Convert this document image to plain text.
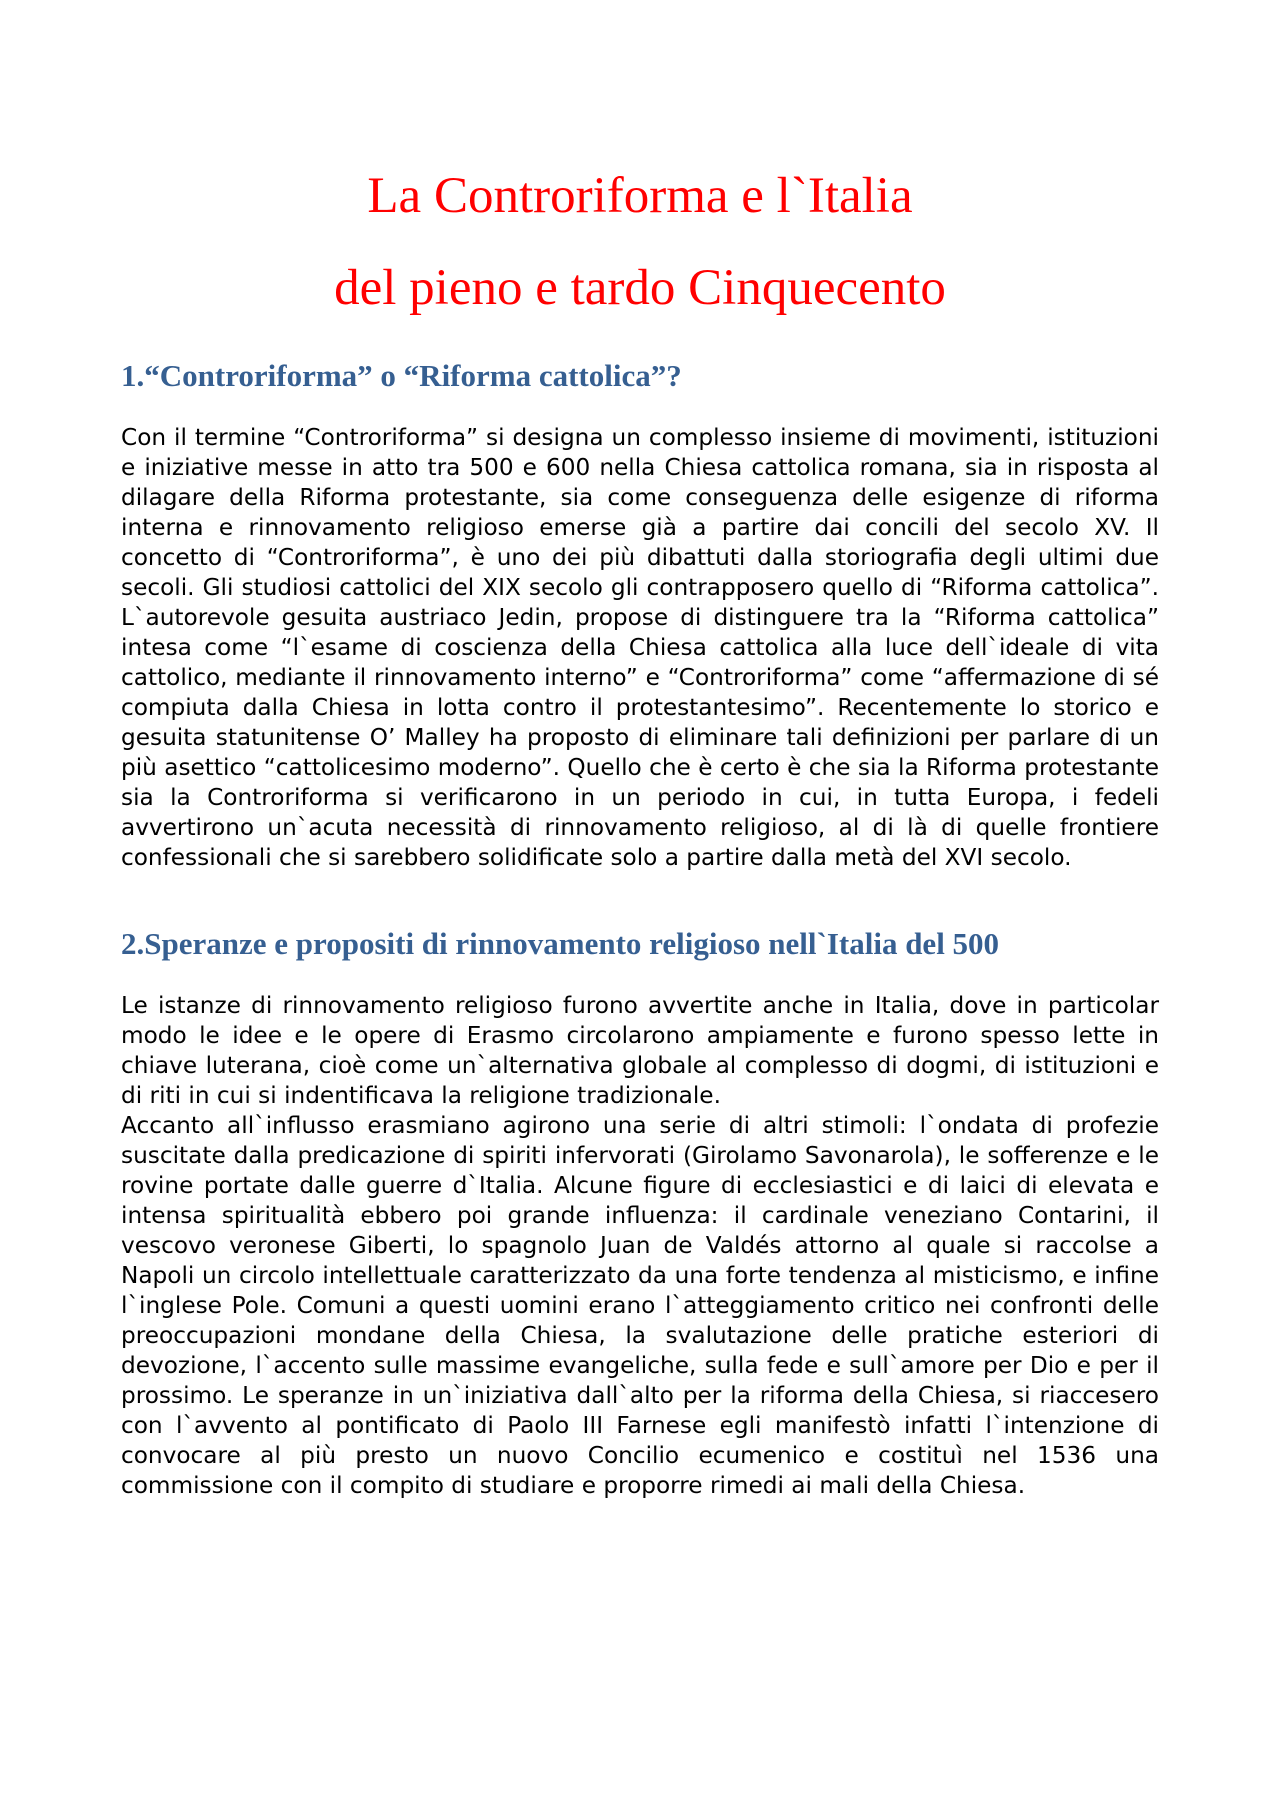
La Controriforma e l`Italia
del pieno e tardo Cinquecento
1.“Controriforma” o “Riforma cattolica”?

Con il termine “Controriforma” si designa un complesso insieme di movimenti, istituzioni e iniziative messe in atto tra 500 e 600 nella Chiesa cattolica romana, sia in risposta al dilagare della Riforma protestante, sia come conseguenza delle esigenze di riforma interna e rinnovamento religioso emerse già a partire dai concili del secolo XV. Il concetto di “Controriforma”, è uno dei più dibattuti dalla storiografia degli ultimi due secoli. Gli studiosi cattolici del XIX secolo gli contrapposero quello di “Riforma cattolica”. L`autorevole gesuita austriaco Jedin, propose di distinguere tra la “Riforma cattolica” intesa come “l`esame di coscienza della Chiesa cattolica alla luce dell`ideale di vita cattolico, mediante il rinnovamento interno” e “Controriforma” come “affermazione di sé compiuta dalla Chiesa in lotta contro il protestantesimo”. Recentemente lo storico e gesuita statunitense O’ Malley ha proposto di eliminare tali definizioni per parlare di un più asettico “cattolicesimo moderno”. Quello che è certo è che sia la Riforma protestante sia la Controriforma si verificarono in un periodo in cui, in tutta Europa, i fedeli avvertirono un`acuta necessità di rinnovamento religioso, al di là di quelle frontiere confessionali che si sarebbero solidificate solo a partire dalla metà del XVI secolo.

2.Speranze e propositi di rinnovamento religioso nell`Italia del 500

Le istanze di rinnovamento religioso furono avvertite anche in Italia, dove in particolar modo le idee e le opere di Erasmo circolarono ampiamente e furono spesso lette in chiave luterana, cioè come un`alternativa globale al complesso di dogmi, di istituzioni e di riti in cui si indentificava la religione tradizionale.

Accanto all`influsso erasmiano agirono una serie di altri stimoli: l`ondata di profezie suscitate dalla predicazione di spiriti infervorati (Girolamo Savonarola), le sofferenze e le rovine portate dalle guerre d`Italia. Alcune figure di ecclesiastici e di laici di elevata e intensa spiritualità ebbero poi grande influenza: il cardinale veneziano Contarini, il vescovo veronese Giberti, lo spagnolo Juan de Valdés attorno al quale si raccolse a Napoli un circolo intellettuale caratterizzato da una forte tendenza al misticismo, e infine l`inglese Pole. Comuni a questi uomini erano l`atteggiamento critico nei confronti delle preoccupazioni mondane della Chiesa, la svalutazione delle pratiche esteriori di devozione, l`accento sulle massime evangeliche, sulla fede e sull`amore per Dio e per il prossimo. Le speranze in un`iniziativa dall`alto per la riforma della Chiesa, si riaccesero con l`avvento al pontificato di Paolo III Farnese egli manifestò infatti l`intenzione di convocare al più presto un nuovo Concilio ecumenico e costituì nel 1536 una commissione con il compito di studiare e proporre rimedi ai mali della Chiesa.
